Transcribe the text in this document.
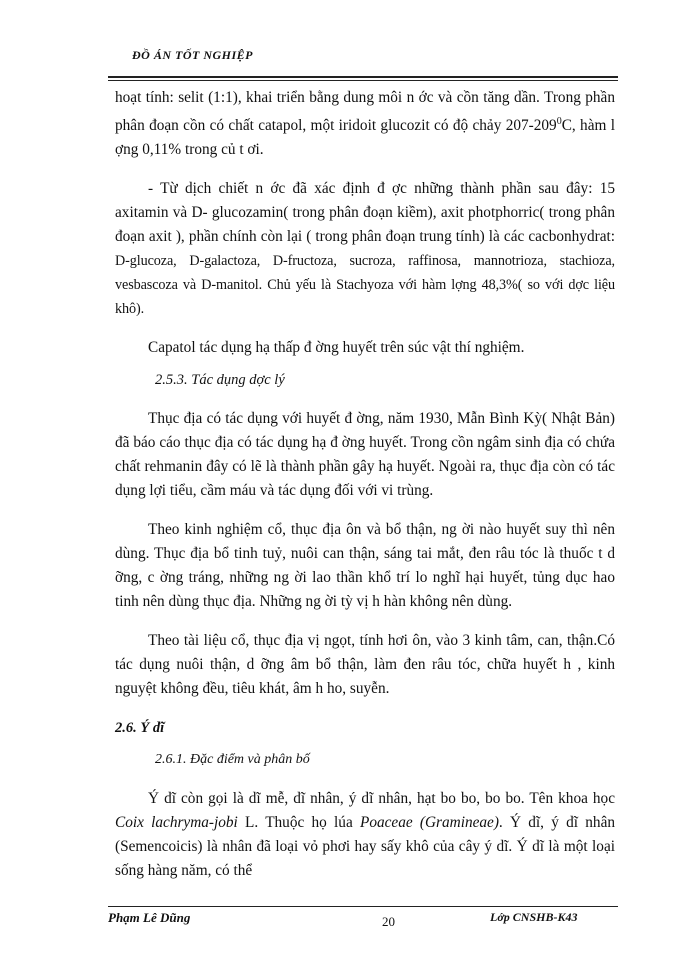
ĐỒ ÁN TỐT NGHIỆP

hoạt tính: selit (1:1), khai triển bằng dung môi n ớc và cồn tăng dần. Trong phần phân đoạn cồn có chất catapol, một iridoit glucozit có độ chảy $207-209^0C$, hàm l ợng 0,11% trong củ t ơi.

- Từ dịch chiết n ớc đã xác định đ ợc những thành phần sau đây: 15 axitamin và D- glucozamin( trong phân đoạn kiềm), axit photphorric( trong phân đoạn axit ), phần chính còn lại ( trong phân đoạn trung tính) là các cacbonhydrat: D-glucoza, D-galactoza, D-fructoza, sucroza, raffinosa, mannotrioza, stachioza, vesbascoza và D-manitol. Chủ yếu là Stachyoza với hàm lợng 48,3%( so với dợc liệu khô).

Capatol tác dụng hạ thấp đ ờng huyết trên súc vật thí nghiệm.

2.5.3. Tác dụng dợc lý

Thục địa có tác dụng với huyết đ ờng, năm 1930, Mẫn Bình Kỳ( Nhật Bản) đã báo cáo thục địa có tác dụng hạ đ ờng huyết. Trong cồn ngâm sinh địa có chứa chất rehmanin đây có lẽ là thành phần gây hạ huyết. Ngoài ra, thục địa còn có tác dụng lợi tiểu, cầm máu và tác dụng đối với vi trùng.

Theo kinh nghiệm cổ, thục địa ôn và bổ thận, ng ời nào huyết suy thì nên dùng. Thục địa bổ tinh tuỷ, nuôi can thận, sáng tai mắt, đen râu tóc là thuốc t d ỡng, c ờng tráng, những ng ời lao thần khổ trí lo nghĩ hại huyết, tủng dục hao tinh nên dùng thục địa. Những ng ời tỳ vị h hàn không nên dùng.

Theo tài liệu cổ, thục địa vị ngọt, tính hơi ôn, vào 3 kinh tâm, can, thận.Có tác dụng nuôi thận, d ỡng âm bổ thận, làm đen râu tóc, chữa huyết h , kinh nguyệt không đều, tiêu khát, âm h ho, suyễn.

2.6. Ý dĩ

2.6.1. Đặc điểm và phân bố

Ý dĩ còn gọi là dĩ mễ, dĩ nhân, ý dĩ nhân, hạt bo bo, bo bo. Tên khoa học Coix lachryma-jobi L. Thuộc họ lúa Poaceae (Gramineae). Ý dĩ, ý dĩ nhân (Semencoicis) là nhân đã loại vỏ phơi hay sấy khô của cây ý dĩ. Ý dĩ là một loại sống hàng năm, có thể

Phạm Lê Dũng	20	Lớp CNSHB-K43
